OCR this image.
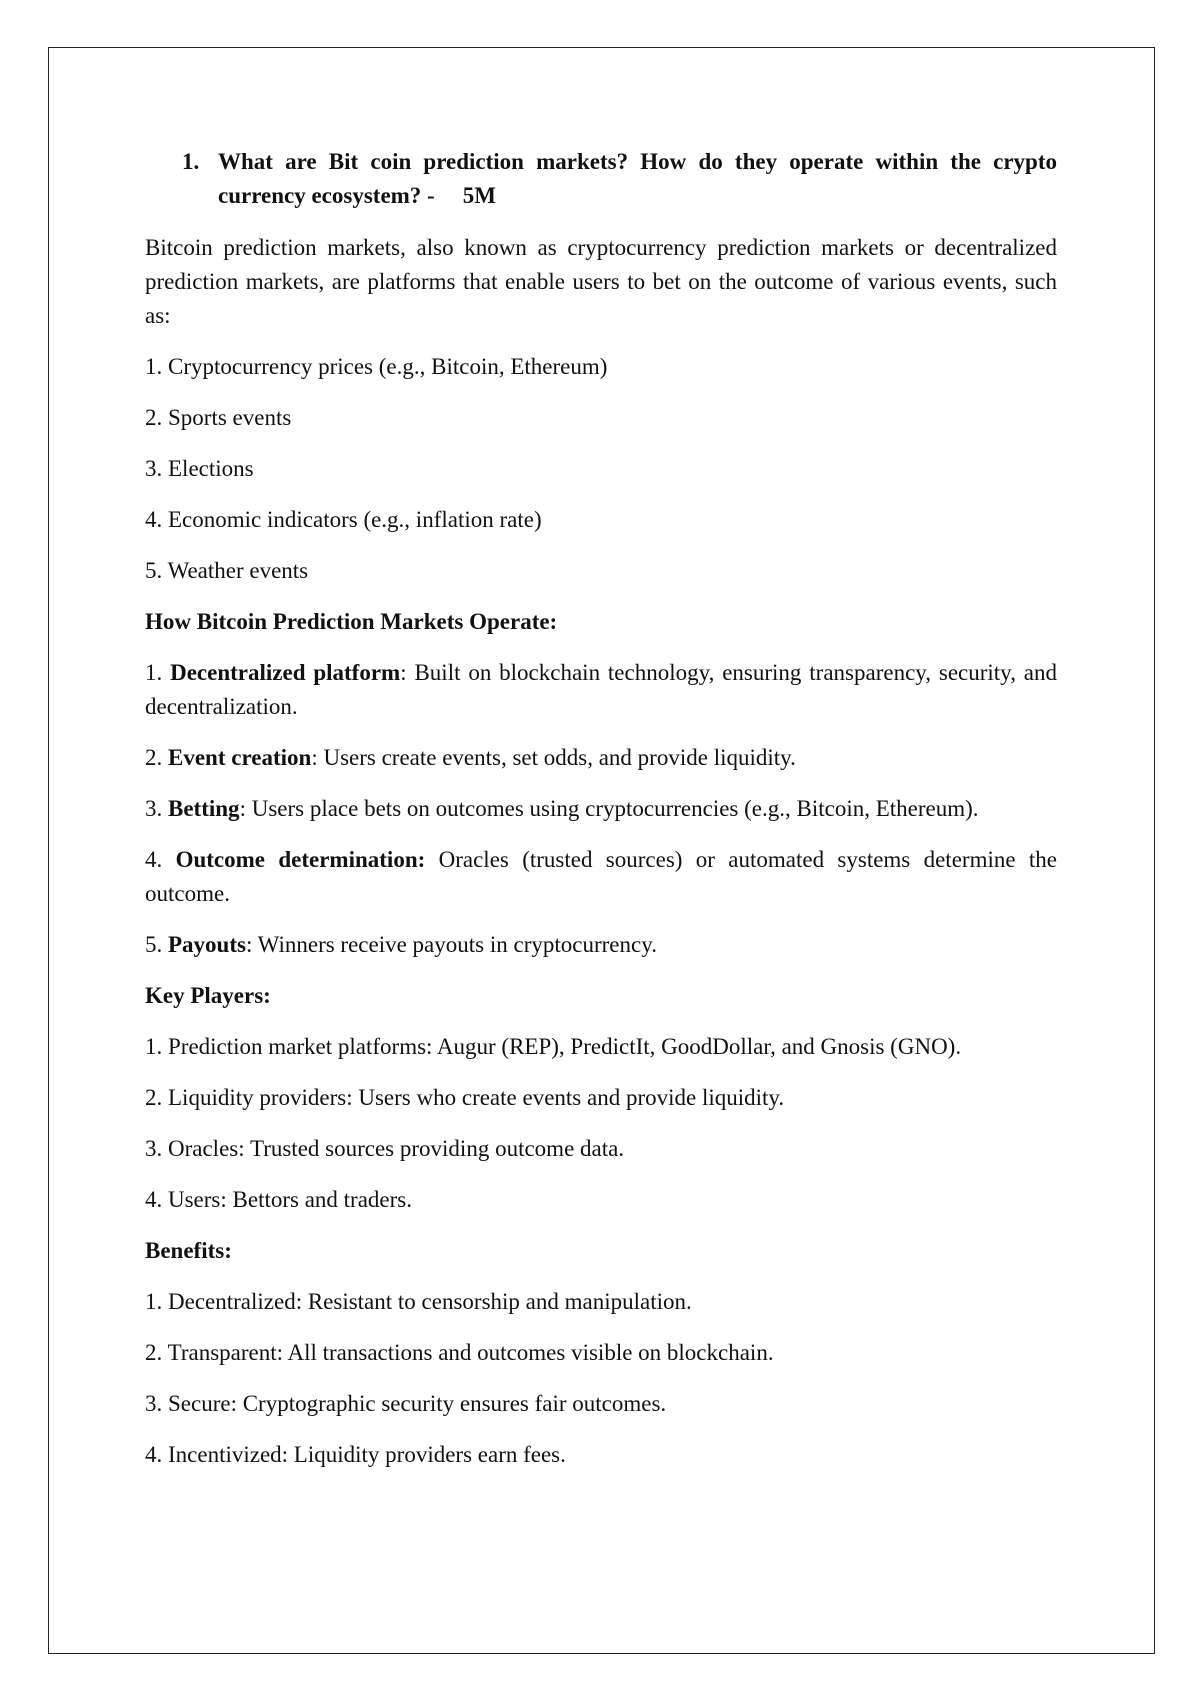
1. What are Bit coin prediction markets? How do they operate within the crypto currency ecosystem? - 5M

Bitcoin prediction markets, also known as cryptocurrency prediction markets or decentralized prediction markets, are platforms that enable users to bet on the outcome of various events, such as:

1. Cryptocurrency prices (e.g., Bitcoin, Ethereum)

2. Sports events

3. Elections

4. Economic indicators (e.g., inflation rate)

5. Weather events

How Bitcoin Prediction Markets Operate:

1. Decentralized platform: Built on blockchain technology, ensuring transparency, security, and decentralization.

2. Event creation: Users create events, set odds, and provide liquidity.

3. Betting: Users place bets on outcomes using cryptocurrencies (e.g., Bitcoin, Ethereum).

4. Outcome determination: Oracles (trusted sources) or automated systems determine the outcome.

5. Payouts: Winners receive payouts in cryptocurrency.

Key Players:

1. Prediction market platforms: Augur (REP), PredictIt, GoodDollar, and Gnosis (GNO).

2. Liquidity providers: Users who create events and provide liquidity.

3. Oracles: Trusted sources providing outcome data.

4. Users: Bettors and traders.

Benefits:

1. Decentralized: Resistant to censorship and manipulation.

2. Transparent: All transactions and outcomes visible on blockchain.

3. Secure: Cryptographic security ensures fair outcomes.

4. Incentivized: Liquidity providers earn fees.
